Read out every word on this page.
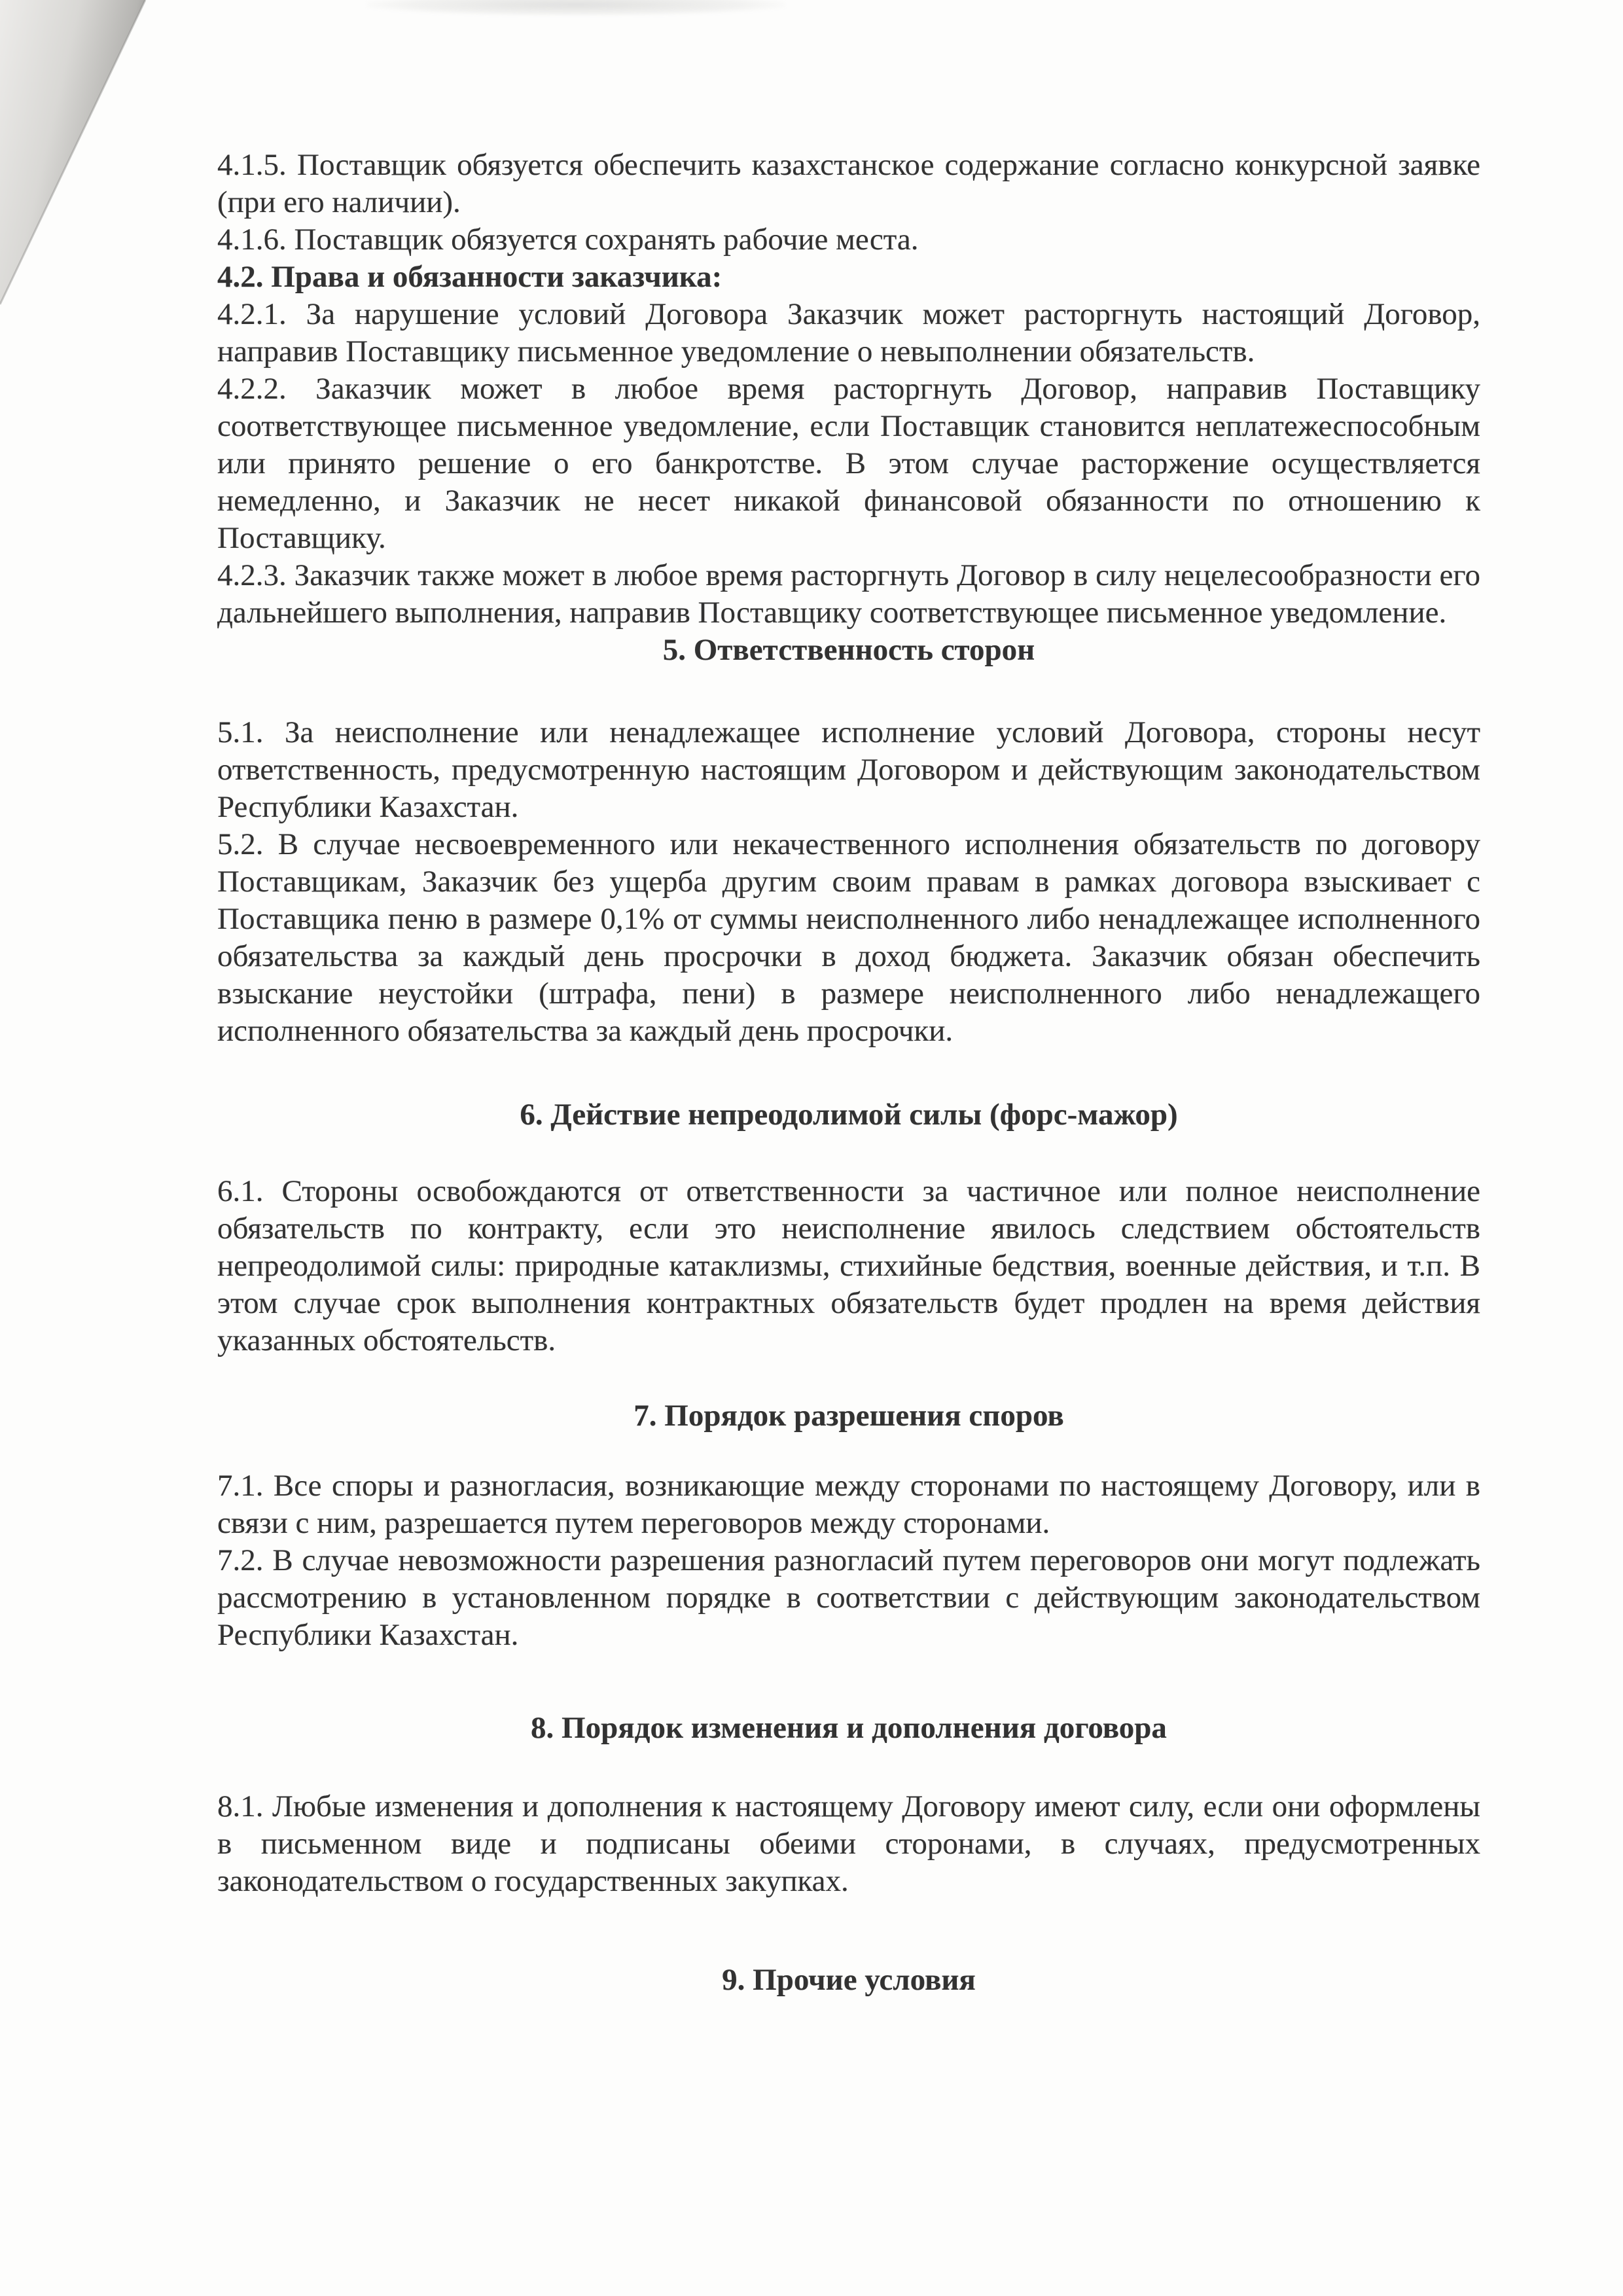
4.1.5. Поставщик обязуется обеспечить казахстанское содержание согласно конкурсной заявке (при его наличии).

4.1.6. Поставщик обязуется сохранять рабочие места.

4.2. Права и обязанности заказчика:

4.2.1. За нарушение условий Договора Заказчик может расторгнуть настоящий Договор, направив Поставщику письменное уведомление о невыполнении обязательств.

4.2.2. Заказчик может в любое время расторгнуть Договор, направив Поставщику соответствующее письменное уведомление, если Поставщик становится неплатежеспособным или принято решение о его банкротстве. В этом случае расторжение осуществляется немедленно, и Заказчик не несет никакой финансовой обязанности по отношению к Поставщику.

4.2.3. Заказчик также может в любое время расторгнуть Договор в силу нецелесообразности его дальнейшего выполнения, направив Поставщику соответствующее письменное уведомление.

5. Ответственность сторон

5.1. За неисполнение или ненадлежащее исполнение условий Договора, стороны несут ответственность, предусмотренную настоящим Договором и действующим законодательством Республики Казахстан.

5.2. В случае несвоевременного или некачественного исполнения обязательств по договору Поставщикам, Заказчик без ущерба другим своим правам в рамках договора взыскивает с Поставщика пеню в размере 0,1% от суммы неисполненного либо ненадлежащее исполненного обязательства за каждый день просрочки в доход бюджета. Заказчик обязан обеспечить взыскание неустойки (штрафа, пени) в размере неисполненного либо ненадлежащего исполненного обязательства за каждый день просрочки.

6. Действие непреодолимой силы (форс-мажор)

6.1. Стороны освобождаются от ответственности за частичное или полное неисполнение обязательств по контракту, если это неисполнение явилось следствием обстоятельств непреодолимой силы: природные катаклизмы, стихийные бедствия, военные действия, и т.п. В этом случае срок выполнения контрактных обязательств будет продлен на время действия указанных обстоятельств.

7. Порядок разрешения споров

7.1. Все споры и разногласия, возникающие между сторонами по настоящему Договору, или в связи с ним, разрешается путем переговоров между сторонами.

7.2. В случае невозможности разрешения разногласий путем переговоров они могут подлежать рассмотрению в установленном порядке в соответствии с действующим законодательством Республики Казахстан.

8. Порядок изменения и дополнения договора

8.1. Любые изменения и дополнения к настоящему Договору имеют силу, если они оформлены в письменном виде и подписаны обеими сторонами, в случаях, предусмотренных законодательством о государственных закупках.

9. Прочие условия
